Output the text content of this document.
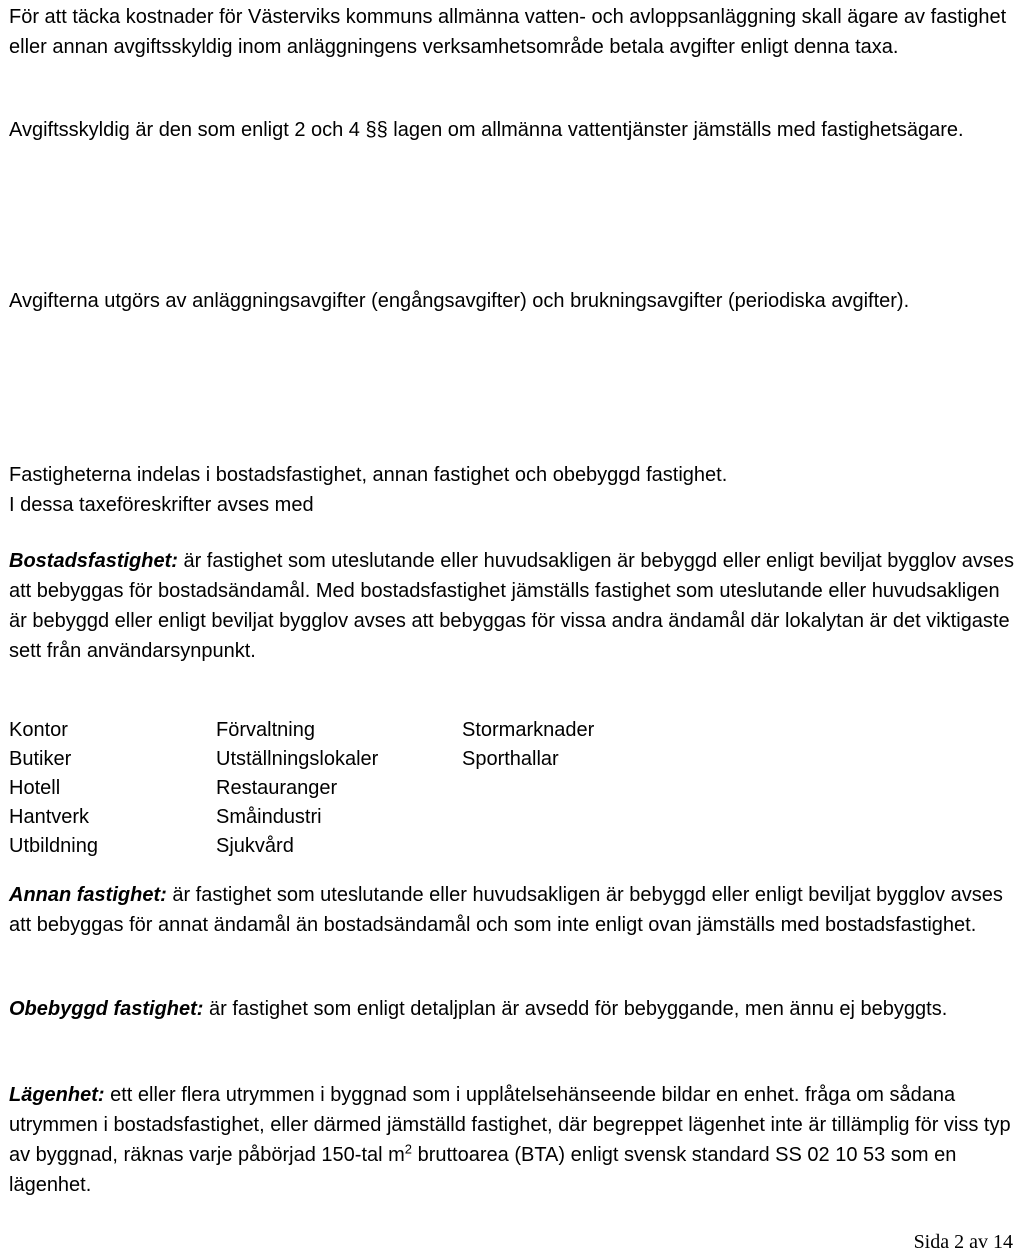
För att täcka kostnader för Västerviks kommuns allmänna vatten- och avloppsanläggning skall ägare av fastighet eller annan avgiftsskyldig inom anläggningens verksamhetsområde betala avgifter enligt denna taxa.

Avgiftsskyldig är den som enligt 2 och 4 §§ lagen om allmänna vattentjänster jämställs med fastighetsägare.

Avgifterna utgörs av anläggningsavgifter (engångsavgifter) och brukningsavgifter (periodiska avgifter).

Fastigheterna indelas i bostadsfastighet, annan fastighet och obebyggd fastighet.
I dessa taxeföreskrifter avses med

Bostadsfastighet: är fastighet som uteslutande eller huvudsakligen är bebyggd eller enligt beviljat bygglov avses att bebyggas för bostadsändamål. Med bostadsfastighet jämställs fastighet som uteslutande eller huvudsakligen är bebyggd eller enligt beviljat bygglov avses att bebyggas för vissa andra ändamål där lokalytan är det viktigaste sett från användarsynpunkt.

Kontor
Butiker
Hotell
Hantverk
Utbildning
Förvaltning
Utställningslokaler
Restauranger
Småindustri
Sjukvård
Stormarknader
Sporthallar

Annan fastighet: är fastighet som uteslutande eller huvudsakligen är bebyggd eller enligt beviljat bygglov avses att bebyggas för annat ändamål än bostadsändamål och som inte enligt ovan jämställs med bostadsfastighet.

Obebyggd fastighet: är fastighet som enligt detaljplan är avsedd för bebyggande, men ännu ej bebyggts.

Lägenhet: ett eller flera utrymmen i byggnad som i upplåtelsehänseende bildar en enhet. fråga om sådana utrymmen i bostadsfastighet, eller därmed jämställd fastighet, där begreppet lägenhet inte är tillämplig för viss typ av byggnad, räknas varje påbörjad 150-tal $m^2$ bruttoarea (BTA) enligt svensk standard SS 02 10 53 som en lägenhet.

Sida 2 av 14
